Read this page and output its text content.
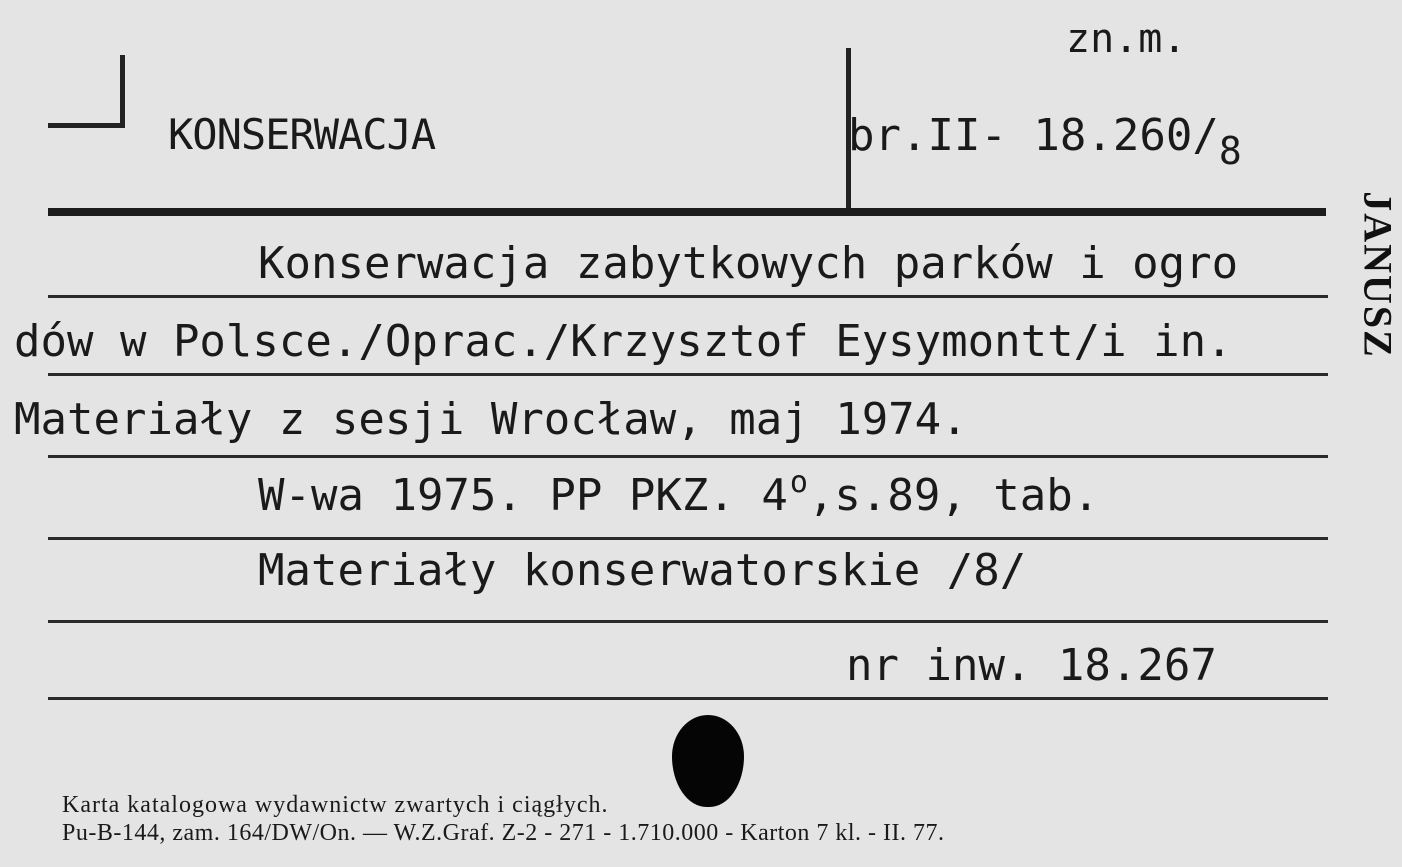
zn.m.
KONSERWACJA	br.II- 18.260/8
JANUSZ
Konserwacja zabytkowych parków i ogro
dów w Polsce./Oprac./Krzysztof Eysymontt/i in.
Materiały z sesji Wrocław, maj 1974.
W-wa 1975. PP PKZ. 4$^o$,s.89, tab.
Materiały konserwatorskie /8/
nr inw. 18.267
Karta katalogowa wydawnictw zwartych i ciągłych.
Pu-B-144, zam. 164/DW/On. — W.Z.Graf. Z-2 - 271 - 1.710.000 - Karton 7 kl. - II. 77.
